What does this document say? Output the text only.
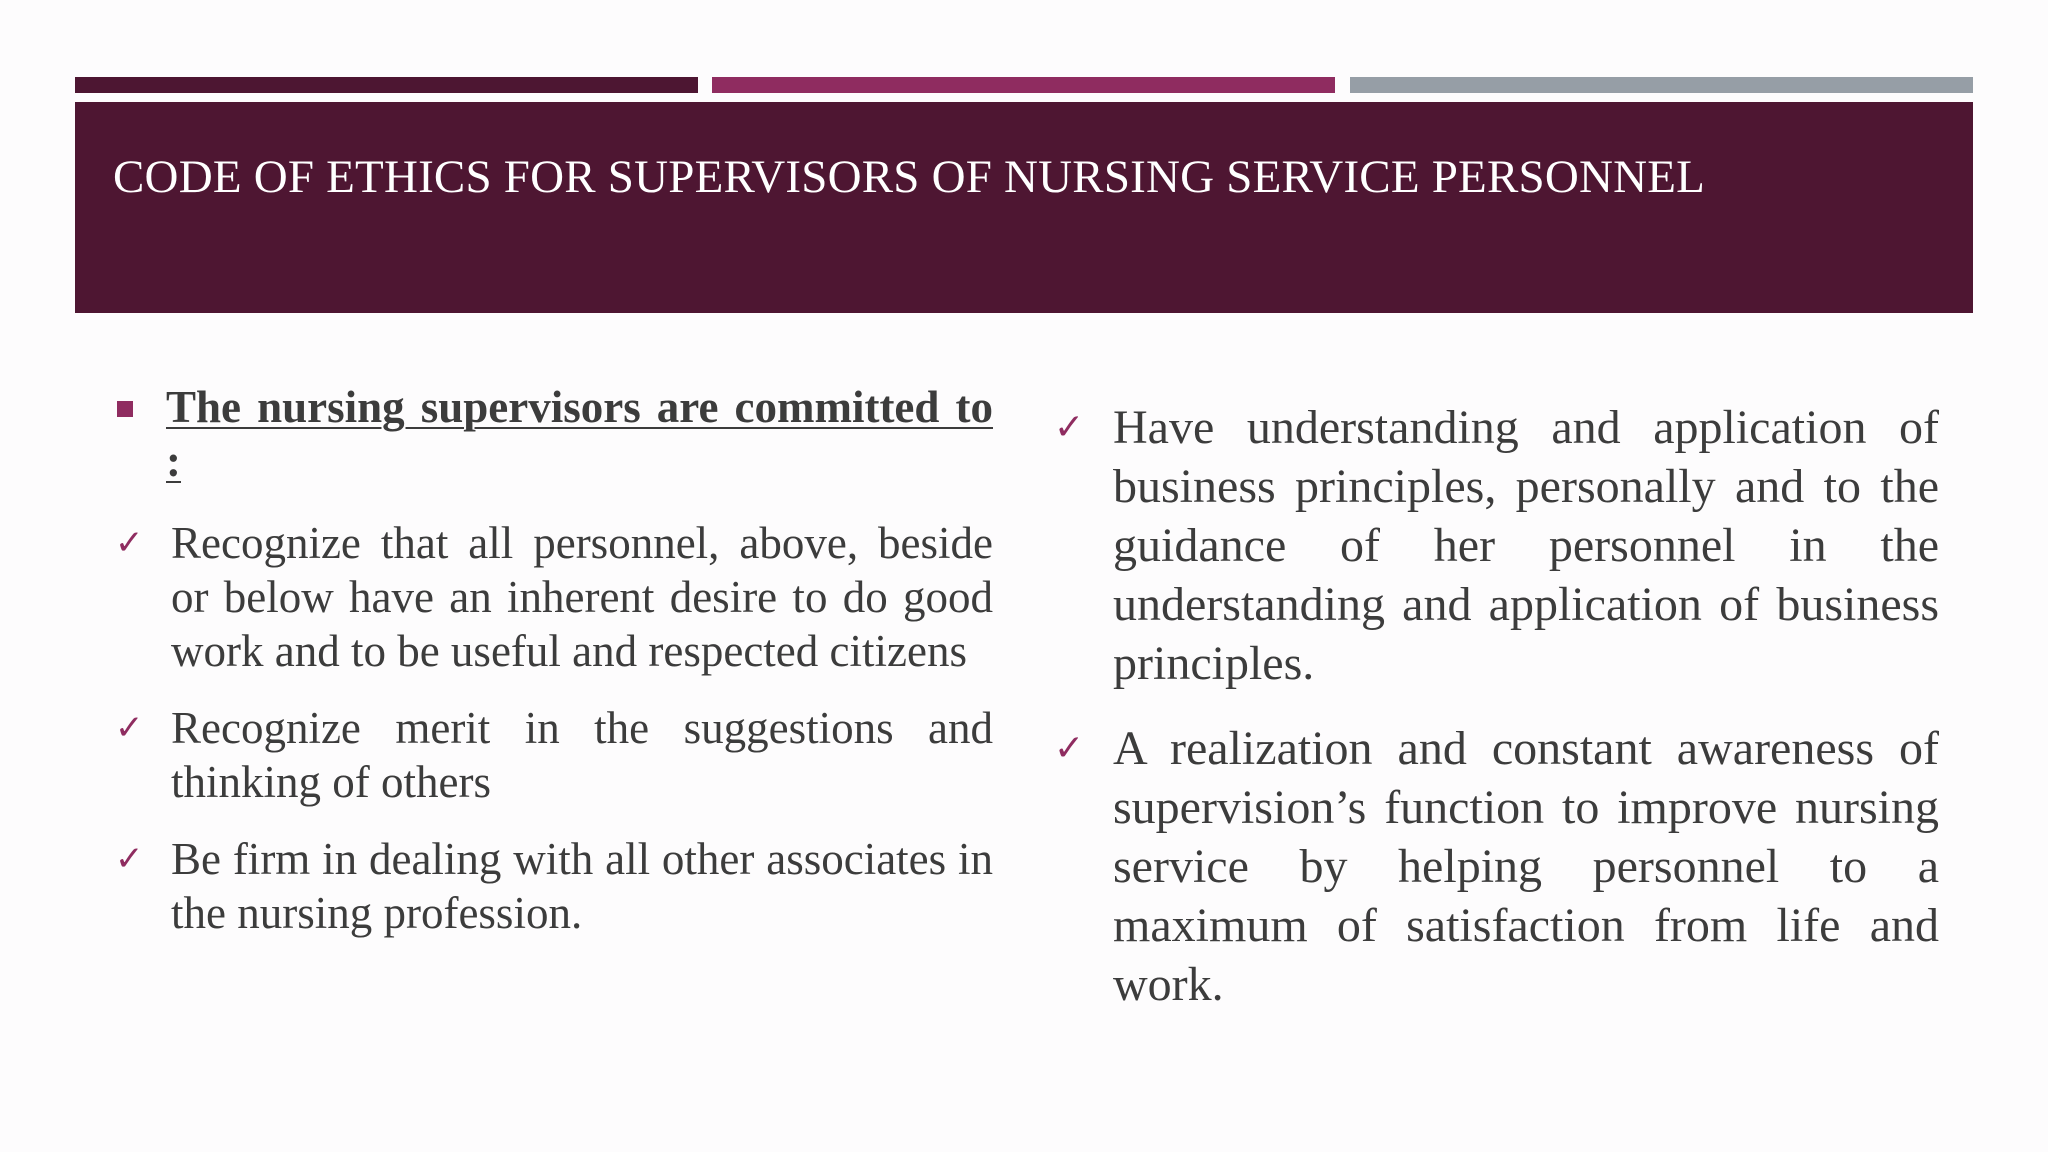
CODE OF ETHICS FOR SUPERVISORS OF NURSING SERVICE PERSONNEL
The nursing supervisors are committed to :
✓ Recognize that all personnel, above, beside or below have an inherent desire to do good work and to be useful and respected citizens
✓ Recognize merit in the suggestions and thinking of others
✓ Be firm in dealing with all other associates in the nursing profession.
✓ Have understanding and application of business principles, personally and to the guidance of her personnel in the understanding and application of business principles.
✓ A realization and constant awareness of supervision’s function to improve nursing service by helping personnel to a maximum of satisfaction from life and work.
